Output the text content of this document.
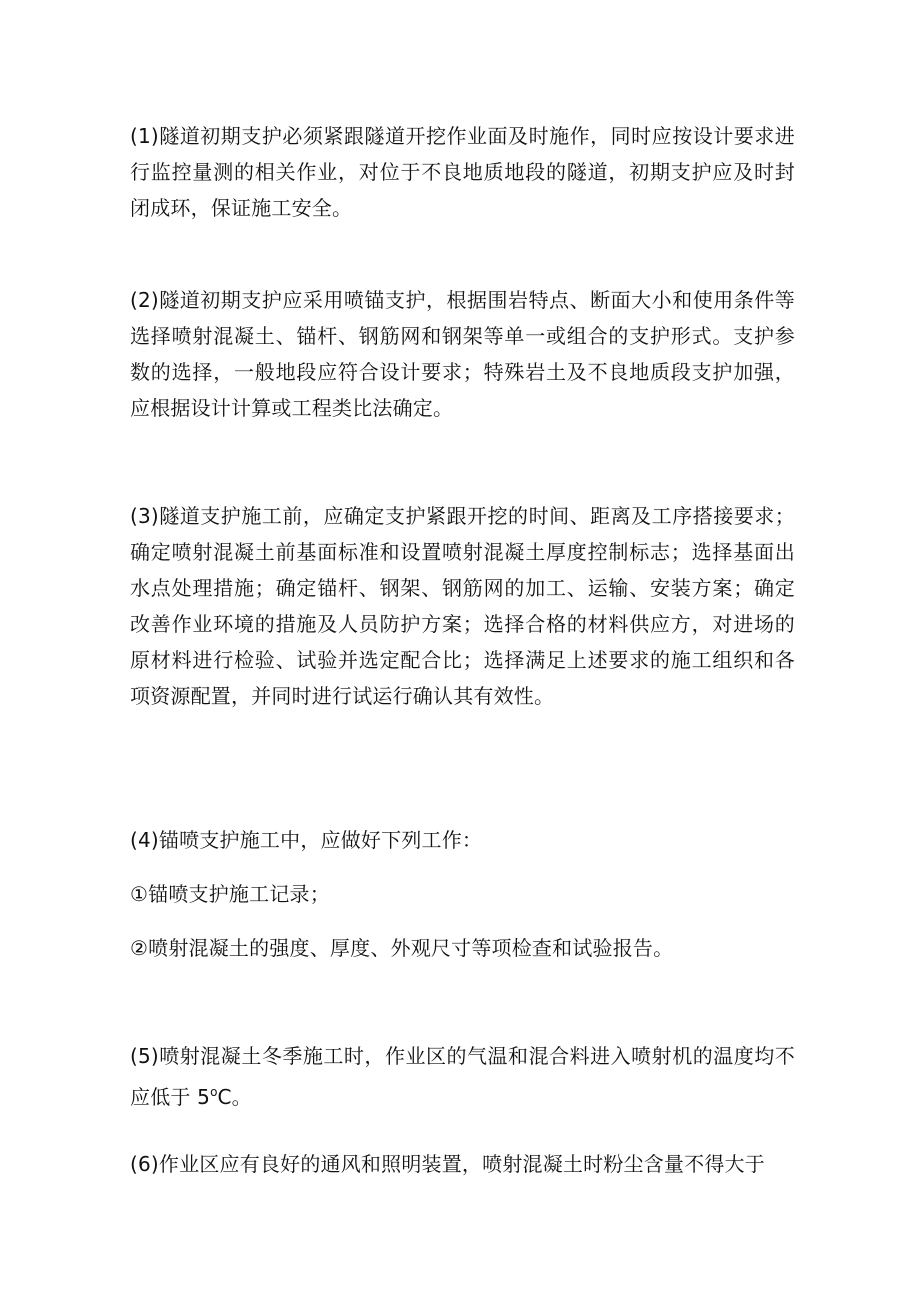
(1)隧道初期支护必须紧跟隧道开挖作业面及时施作，同时应按设计要求进行监控量测的相关作业，对位于不良地质地段的隧道，初期支护应及时封闭成环，保证施工安全。

(2)隧道初期支护应采用喷锚支护，根据围岩特点、断面大小和使用条件等选择喷射混凝土、锚杆、钢筋网和钢架等单一或组合的支护形式。支护参数的选择，一般地段应符合设计要求；特殊岩土及不良地质段支护加强，应根据设计计算或工程类比法确定。

(3)隧道支护施工前，应确定支护紧跟开挖的时间、距离及工序搭接要求；确定喷射混凝土前基面标准和设置喷射混凝土厚度控制标志；选择基面出水点处理措施；确定锚杆、钢架、钢筋网的加工、运输、安装方案；确定改善作业环境的措施及人员防护方案；选择合格的材料供应方，对进场的原材料进行检验、试验并选定配合比；选择满足上述要求的施工组织和各项资源配置，并同时进行试运行确认其有效性。

(4)锚喷支护施工中，应做好下列工作：

①锚喷支护施工记录；

②喷射混凝土的强度、厚度、外观尺寸等项检查和试验报告。

(5)喷射混凝土冬季施工时，作业区的气温和混合料进入喷射机的温度均不应低于 5$^o$C。

(6)作业区应有良好的通风和照明装置，喷射混凝土时粉尘含量不得大于
